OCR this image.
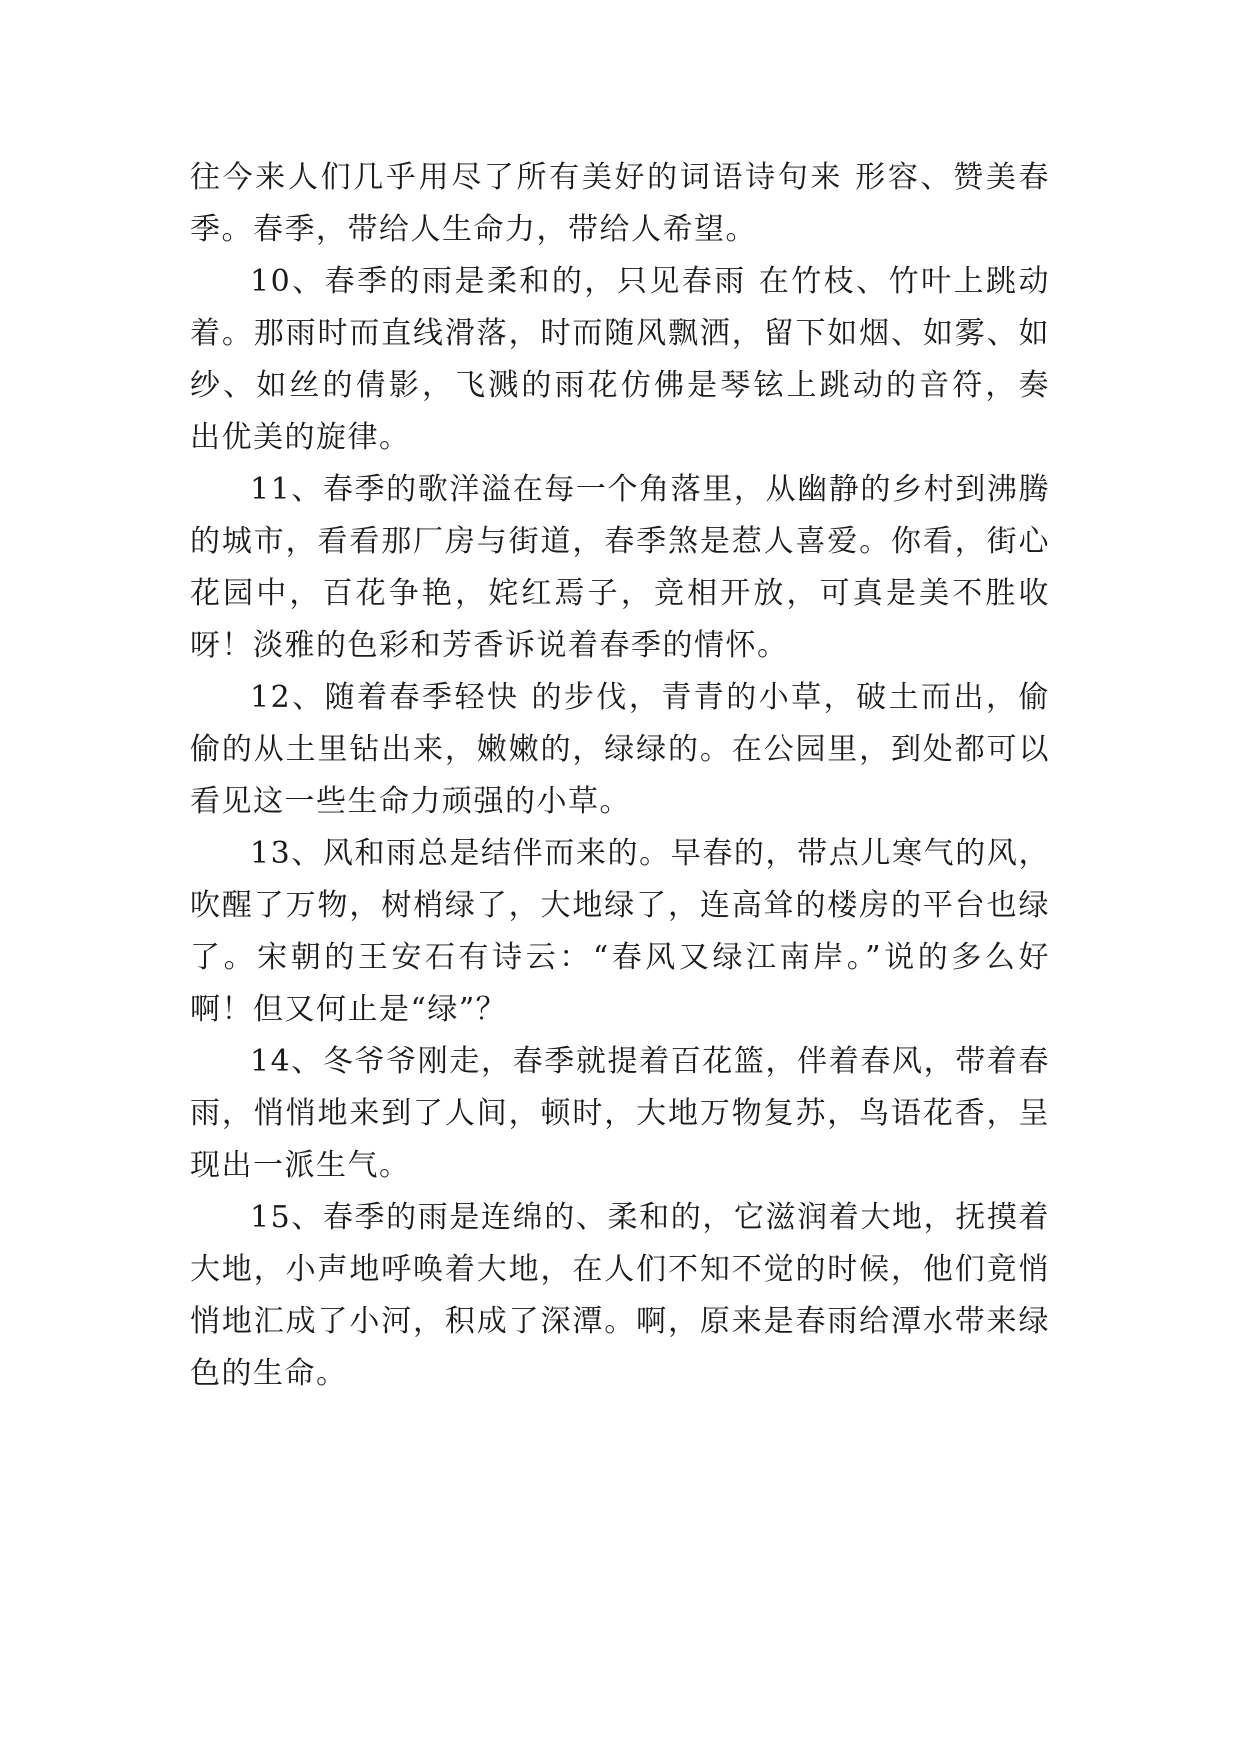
往今来人们几乎用尽了所有美好的词语诗句来 形容、赞美春季。春季，带给人生命力，带给人希望。

10、春季的雨是柔和的，只见春雨 在竹枝、竹叶上跳动着。那雨时而直线滑落，时而随风飘洒，留下如烟、如雾、如纱、如丝的倩影，飞溅的雨花仿佛是琴铉上跳动的音符，奏 出优美的旋律。

11、春季的歌洋溢在每一个角落里，从幽静的乡村到沸腾的城市，看看那厂房与街道，春季煞是惹人喜爱。你看，街心花园中，百花争艳，姹红焉子，竞相开放，可真是美不胜收呀！淡雅的色彩和芳香诉说着春季的情怀。

12、随着春季轻快 的步伐，青青的小草，破土而出，偷偷的从土里钻出来，嫩嫩的，绿绿的。在公园里，到处都可以看见这一些生命力顽强的小草。

13、风和雨总是结伴而来的。早春的，带点儿寒气的风，吹醒了万物，树梢绿了，大地绿了，连高耸的楼房的平台也绿了。宋朝的王安石有诗云：“春风又绿江南岸。”说的多么好啊！但又何止是“绿”？

14、冬爷爷刚走，春季就提着百花篮，伴着春风，带着春雨，悄悄地来到了人间，顿时，大地万物复苏，鸟语花香，呈现出一派生气。

15、春季的雨是连绵的、柔和的，它滋润着大地，抚摸着大地，小声地呼唤着大地，在人们不知不觉的时候，他们竟悄悄地汇成了小河，积成了深潭。啊，原来是春雨给潭水带来绿色的生命。
